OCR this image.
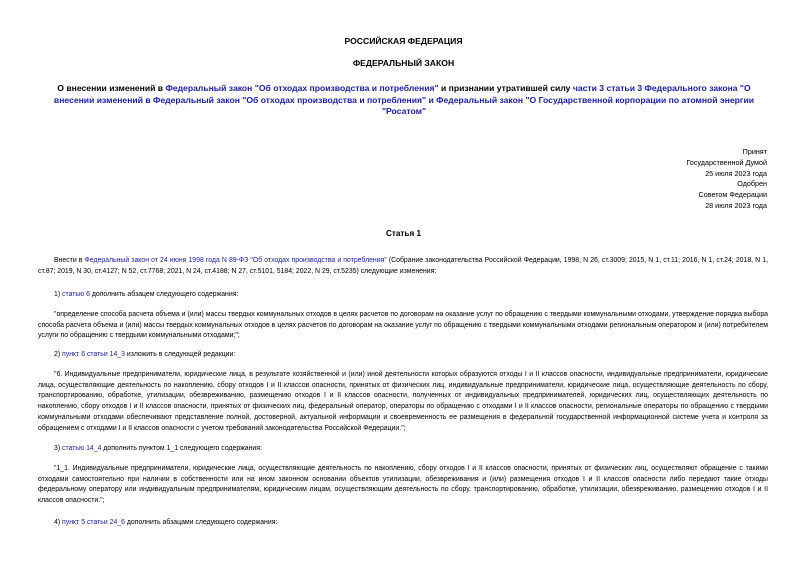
РОССИЙСКАЯ ФЕДЕРАЦИЯ
ФЕДЕРАЛЬНЫЙ ЗАКОН
О внесении изменений в Федеральный закон "Об отходах производства и потребления" и признании утратившей силу части 3 статьи 3 Федерального закона "О внесении изменений в Федеральный закон "Об отходах производства и потребления" и Федеральный закон "О Государственной корпорации по атомной энергии "Росатом"
Принят
Государственной Думой
25 июля 2023 года
Одобрен
Советом Федерации
28 июля 2023 года
Статья 1
Внести в Федеральный закон от 24 июня 1998 года N 89-ФЗ "Об отходах производства и потребления" (Собрание законодательства Российской Федерации, 1998, N 26, ст.3009; 2015, N 1, ст.11; 2016, N 1, ст.24; 2018, N 1, ст.87; 2019, N 30, ст.4127; N 52, ст.7768; 2021, N 24, ст.4188; N 27, ст.5101, 5184; 2022, N 29, ст.5235) следующие изменения:
1) статью 6 дополнить абзацем следующего содержания:
"определение способа расчета объема и (или) массы твердых коммунальных отходов в целях расчетов по договорам на оказание услуг по обращению с твердыми коммунальными отходами, утверждение порядка выбора способа расчета объема и (или) массы твердых коммунальных отходов в целях расчетов по договорам на оказание услуг по обращению с твердыми коммунальными отходами региональным оператором и (или) потребителем услуги по обращению с твердыми коммунальными отходами;";
2) пункт 6 статьи 14_3 изложить в следующей редакции:
"6. Индивидуальные предприниматели, юридические лица, в результате хозяйственной и (или) иной деятельности которых образуются отходы I и II классов опасности, индивидуальные предприниматели, юридические лица, осуществляющие деятельность по накоплению, сбору отходов I и II классов опасности, принятых от физических лиц, индивидуальные предприниматели, юридические лица, осуществляющие деятельность по сбору, транспортированию, обработке, утилизации, обезвреживанию, размещению отходов I и II классов опасности, полученных от индивидуальных предпринимателей, юридических лиц, осуществляющих деятельность по накоплению, сбору отходов I и II классов опасности, принятых от физических лиц, федеральный оператор, операторы по обращению с отходами I и II классов опасности, региональные операторы по обращению с твердыми коммунальными отходами обеспечивают представление полной, достоверной, актуальной информации и своевременность ее размещения в федеральной государственной информационной системе учета и контроля за обращением с отходами I и II классов опасности с учетом требований законодательства Российской Федерации.";
3) статью 14_4 дополнить пунктом 1_1 следующего содержания:
"1_1. Индивидуальные предприниматели, юридические лица, осуществляющие деятельность по накоплению, сбору отходов I и II классов опасности, принятых от физических лиц, осуществляют обращение с такими отходами самостоятельно при наличии в собственности или на ином законном основании объектов утилизации, обезвреживания и (или) размещения отходов I и II классов опасности либо передают такие отходы федеральному оператору или индивидуальным предпринимателям, юридическим лицам, осуществляющим деятельность по сбору, транспортированию, обработке, утилизации, обезвреживанию, размещению отходов I и II классов опасности.";
4) пункт 5 статьи 24_6 дополнить абзацами следующего содержания:
